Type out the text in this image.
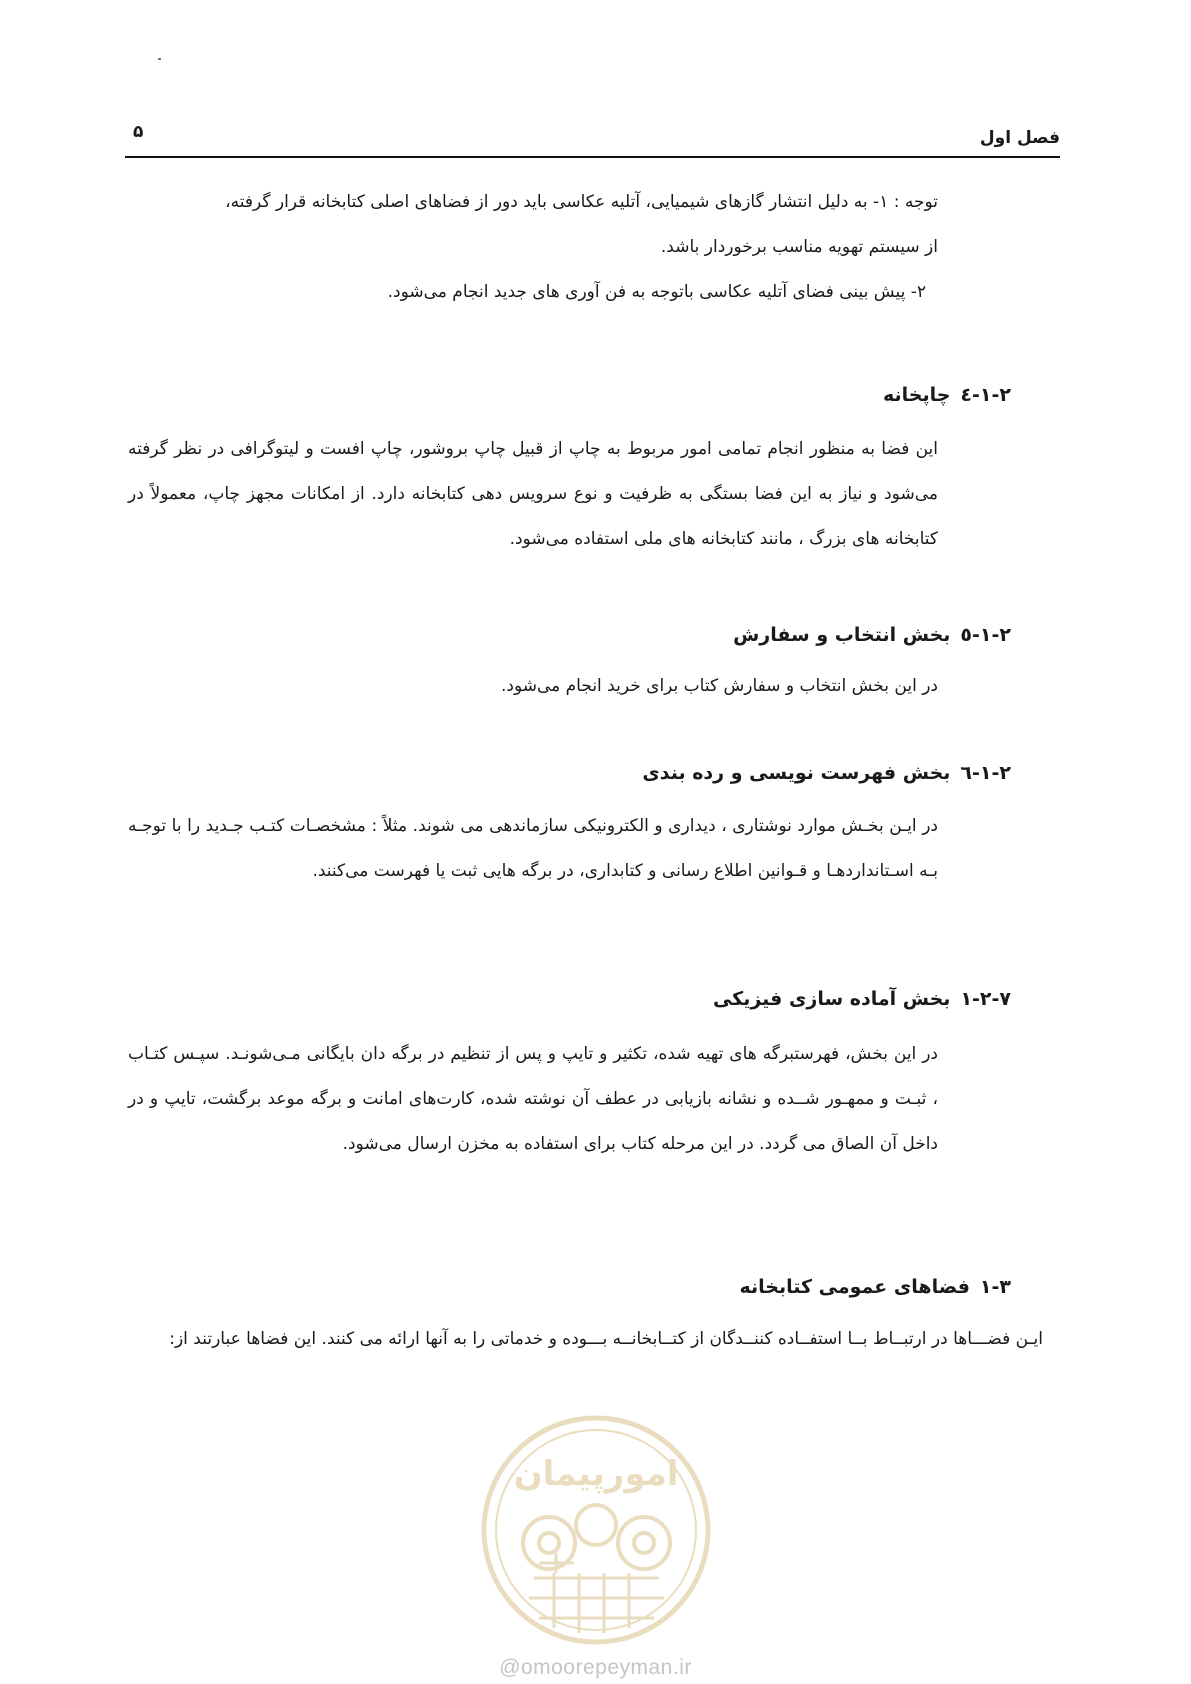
فصل اول
۵

توجه : ۱- به دلیل انتشار گازهای شیمیایی، آتلیه عکاسی باید دور از فضاهای اصلی کتابخانه قرار گرفته،

از سیستم تهویه مناسب برخوردار باشد.

۲- پیش بینی فضای آتلیه عکاسی باتوجه به فن آوری های جدید انجام می‌شود.

۱-۲-٤چاپخانه

این فضا به منظور انجام تمامی امور مربوط به چاپ از قبیل چاپ بروشور، چاپ افست و لیتوگرافی در نظر گرفته می‌شود و نیاز به این فضا بستگی به ظرفیت و نوع سرویس دهی کتابخانه دارد. از امکانات مجهز چاپ، معمولاً در کتابخانه های بزرگ ، مانند کتابخانه های ملی استفاده می‌شود.

۱-۲-٥بخش انتخاب و سفارش

در این بخش انتخاب و سفارش کتاب برای خرید انجام می‌شود.

۱-۲-٦بخش فهرست نویسی و رده بندی

در ایـن بخـش موارد نوشتاری ، دیداری و الکترونیکی سازماندهی می شوند. مثلاً : مشخصـات کتـب جـدید را با توجـه بـه اسـتانداردهـا و قـوانین اطلاع رسانی و کتابداری، در برگه هایی ثبت یا فهرست می‌کنند.

۱-۲-۷بخش آماده سازی فیزیکی

در این بخش، فهرستبرگه های تهیه شده، تکثیر و تایپ و پس از تنظیم در برگه دان بایگانی مـی‌شونـد. سپـس کتـاب ، ثبـت و ممهـور شــده و نشانه بازیابی در عطف آن نوشته شده، کارت‌های امانت و برگه موعد برگشت، تایپ و در داخل آن الصاق می گردد. در این مرحله کتاب برای استفاده به مخزن ارسال می‌شود.

۱-۳فضاهای عمومی کتابخانه

ایـن فضـــاها در ارتبــاط بــا استفــاده کننــدگان از کتــابخانــه بـــوده و خدماتی را به آنها ارائه می کنند. این فضاها عبارتند از:

امورپیمان
@omoorepeyman.ir
